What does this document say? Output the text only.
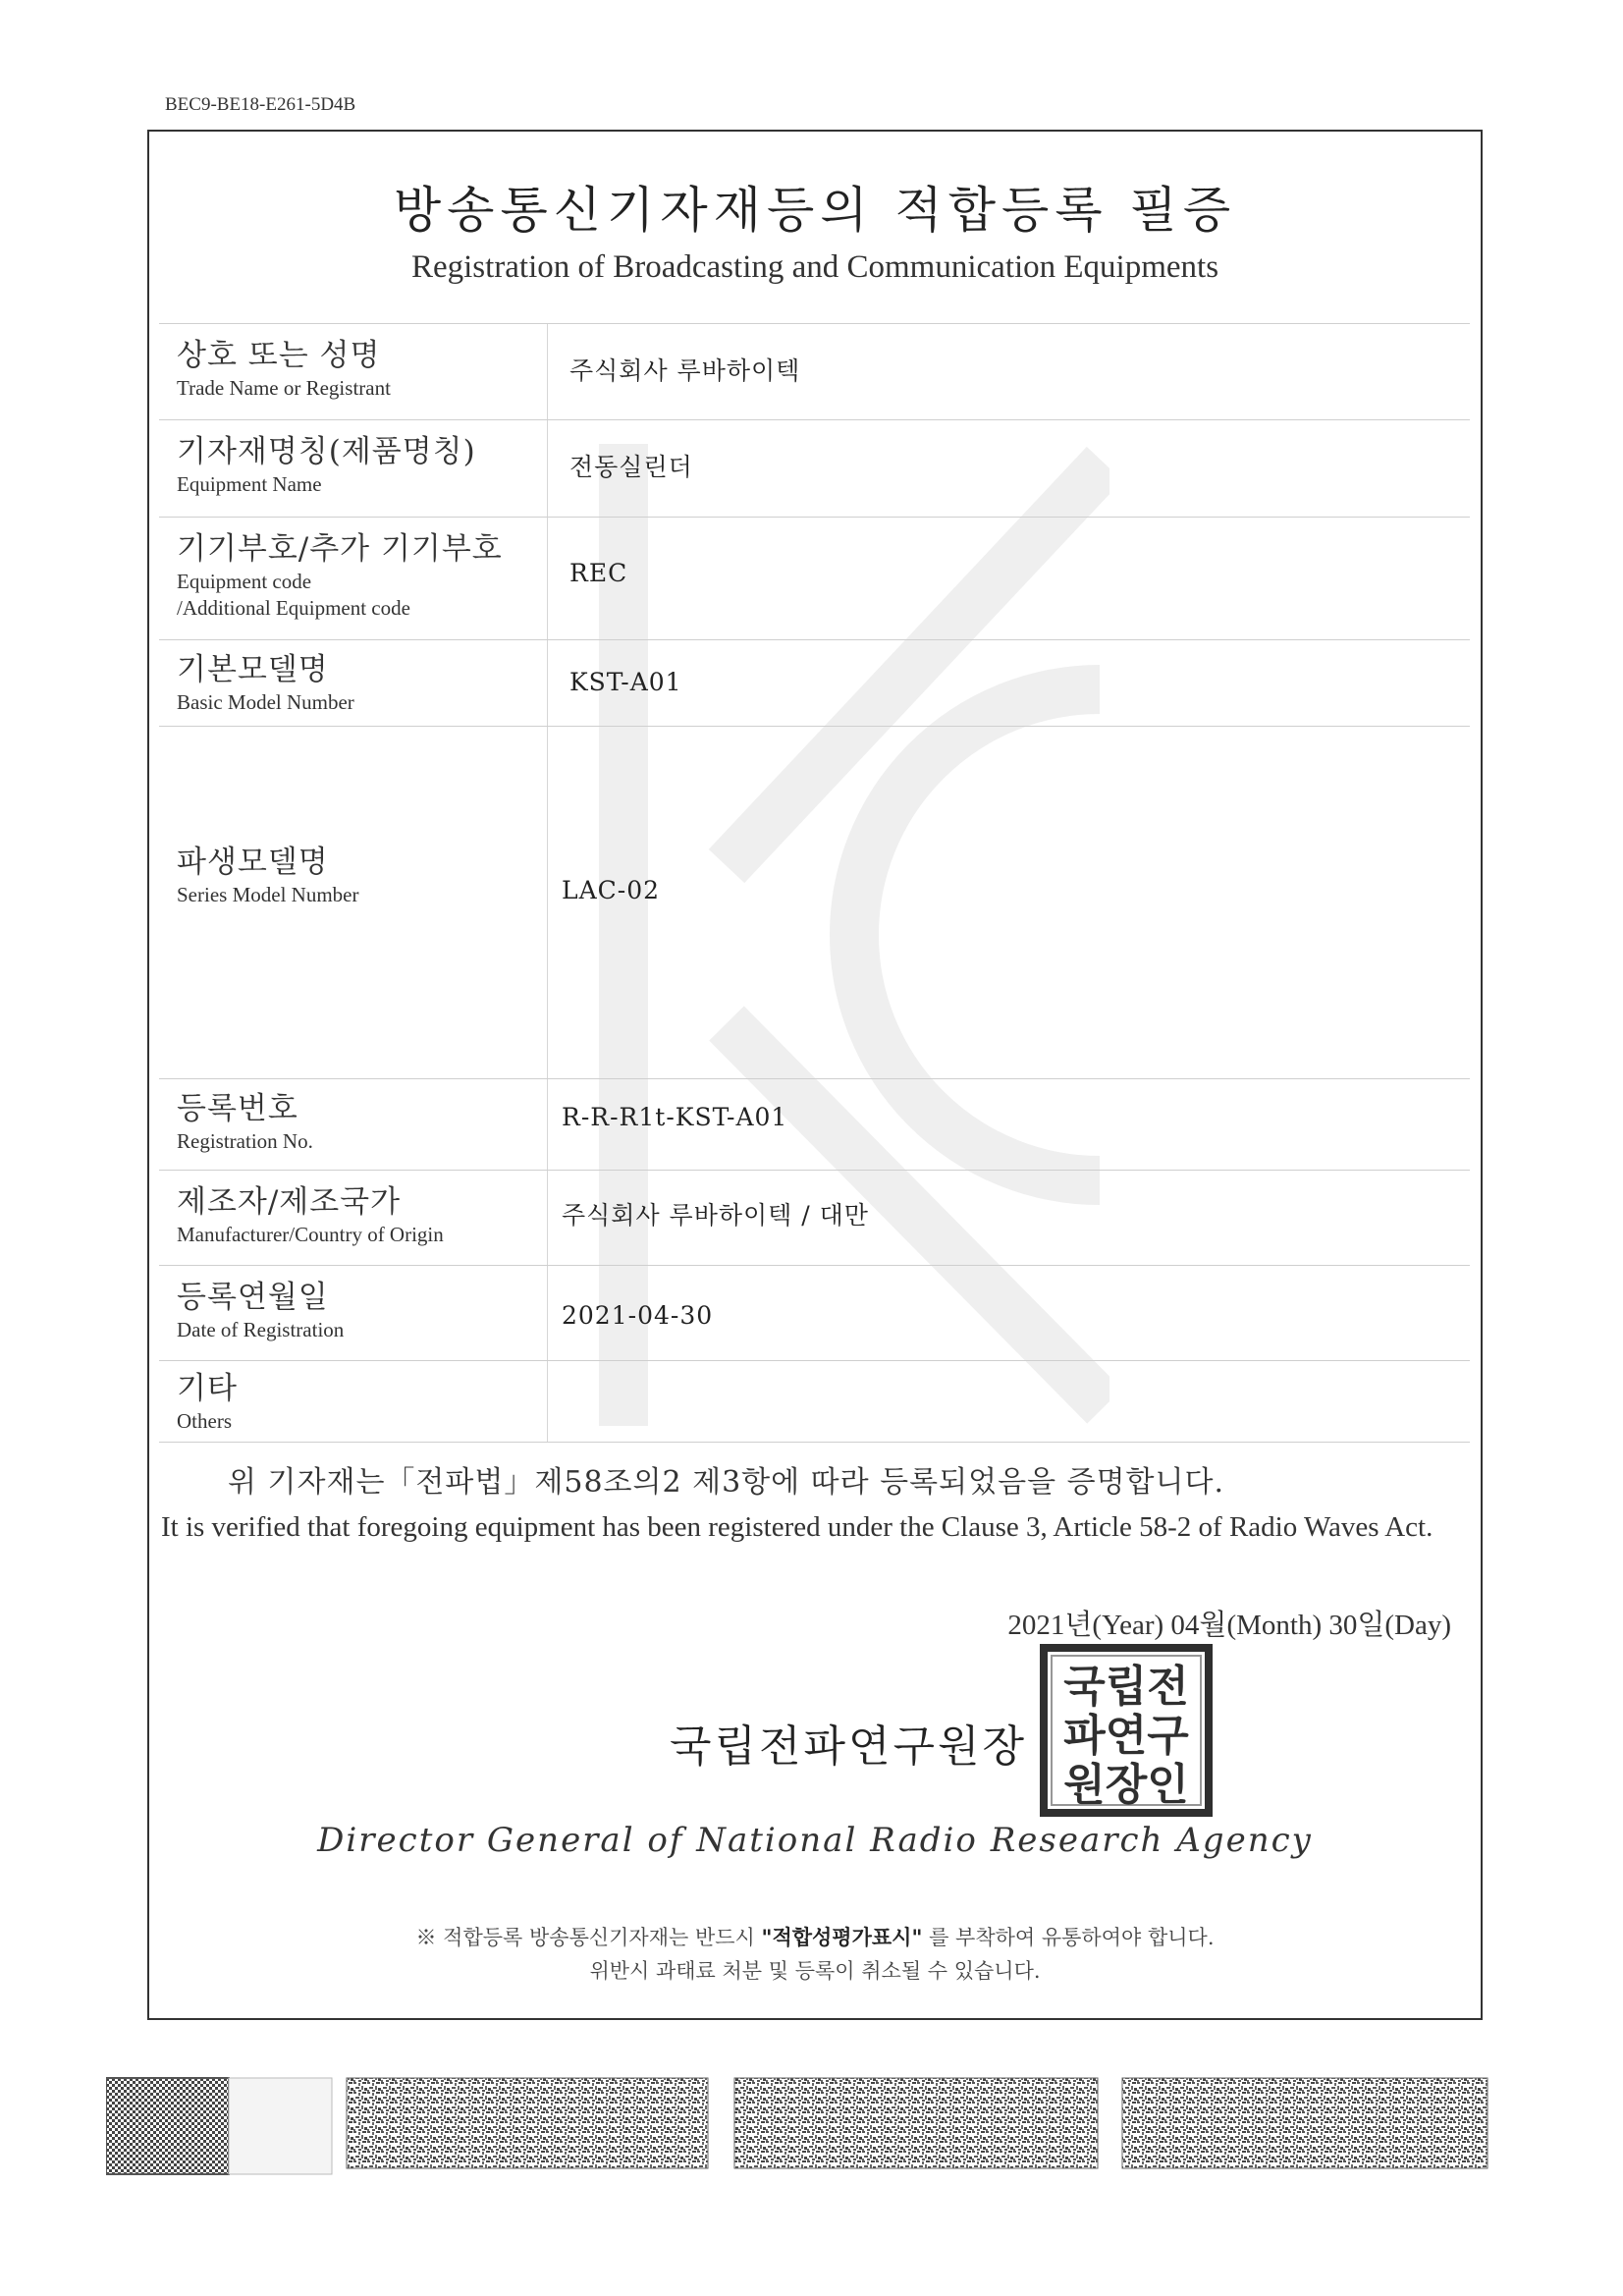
BEC9-BE18-E261-5D4B
방송통신기자재등의 적합등록 필증
Registration of Broadcasting and Communication Equipments
상호 또는 성명
Trade Name or Registrant
주식회사 루바하이텍
기자재명칭(제품명칭)
Equipment Name
전동실린더
기기부호/추가 기기부호
Equipment code
/Additional Equipment code
REC
기본모델명
Basic Model Number
KST-A01
파생모델명
Series Model Number	LAC-02
등록번호
Registration No.
R-R-R1t-KST-A01
제조자/제조국가
Manufacturer/Country of Origin
주식회사 루바하이텍 / 대만
등록연월일
Date of Registration	2021-04-30
기타
Others
위 기자재는「전파법」제58조의2 제3항에 따라 등록되었음을 증명합니다.
It is verified that foregoing equipment has been registered under the Clause 3, Article 58-2 of Radio Waves Act.
2021년(Year) 04월(Month) 30일(Day)
국립전파연구원장
국립전
파연구
원장인
Director General of National Radio Research Agency
※ 적합등록 방송통신기자재는 반드시 "적합성평가표시" 를 부착하여 유통하여야 합니다.
위반시 과태료 처분 및 등록이 취소될 수 있습니다.
